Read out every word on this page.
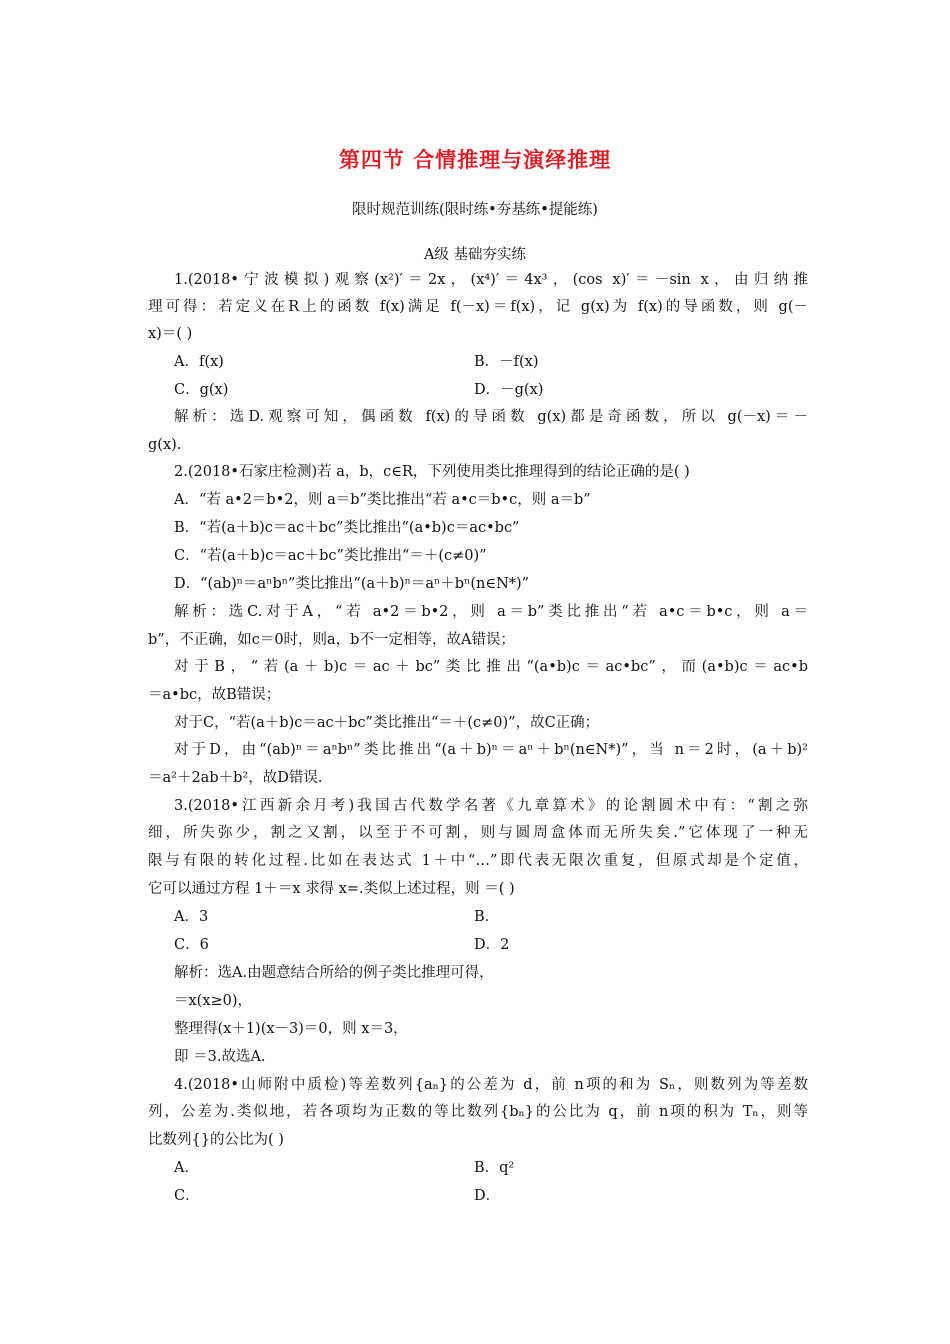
第四节 合情推理与演绎推理
限时规范训练(限时练•夯基练•提能练)
A级 基础夯实练
1.(2018•宁波模拟)观察(x²)′＝2x，(x⁴)′＝4x³，(cos x)′＝－sin x，由归纳推
理可得：若定义在R上的函数 f(x)满足 f(－x)＝f(x)，记 g(x)为 f(x)的导函数，则 g(－
x)＝( )
A．f(x)	B．－f(x)
C．g(x)	D．－g(x)
解析：选D.观察可知，偶函数 f(x)的导函数 g(x)都是奇函数，所以 g(－x)＝－
g(x).
2.(2018•石家庄检测)若 a，b，c∈R，下列使用类比推理得到的结论正确的是( )
A．“若 a•2＝b•2，则 a＝b”类比推出“若 a•c＝b•c，则 a＝b”
B．“若(a＋b)c＝ac＋bc”类比推出“(a•b)c＝ac•bc”
C．“若(a＋b)c＝ac＋bc”类比推出“＝＋(c≠0)”
D．“(ab)ⁿ＝aⁿbⁿ”类比推出“(a＋b)ⁿ＝aⁿ＋bⁿ(n∈N*)”
解析：选C.对于A，“若 a•2＝b•2，则 a＝b”类比推出“若 a•c＝b•c，则 a＝
b”，不正确，如c＝0时，则a，b不一定相等，故A错误；
对于B，“若(a＋b)c＝ac＋bc”类比推出“(a•b)c＝ac•bc”，而(a•b)c＝ac•b
＝a•bc，故B错误；
对于C，“若(a＋b)c＝ac＋bc”类比推出“＝＋(c≠0)”，故C正确；
对于D，由“(ab)ⁿ＝aⁿbⁿ”类比推出“(a＋b)ⁿ＝aⁿ＋bⁿ(n∈N*)”，当 n＝2时，(a＋b)²
＝a²＋2ab＋b²，故D错误.
3.(2018•江西新余月考)我国古代数学名著《九章算术》的论割圆术中有：“割之弥
细，所失弥少，割之又割，以至于不可割，则与圆周盒体而无所失矣.”它体现了一种无
限与有限的转化过程.比如在表达式 1＋中“…”即代表无限次重复，但原式却是个定值，
它可以通过方程 1＋＝x 求得 x=.类似上述过程，则 ＝( )
A．3	B．
C．6	D．2
解析：选A.由题意结合所给的例子类比推理可得，
＝x(x≥0)，
整理得(x＋1)(x－3)＝0，则 x＝3，
即 ＝3.故选A.
4.(2018•山师附中质检)等差数列{aₙ}的公差为 d，前 n项的和为 Sₙ，则数列为等差数
列，公差为.类似地，若各项均为正数的等比数列{bₙ}的公比为 q，前 n项的积为 Tₙ，则等
比数列{}的公比为( )
A．	B．q²
C．	D．
